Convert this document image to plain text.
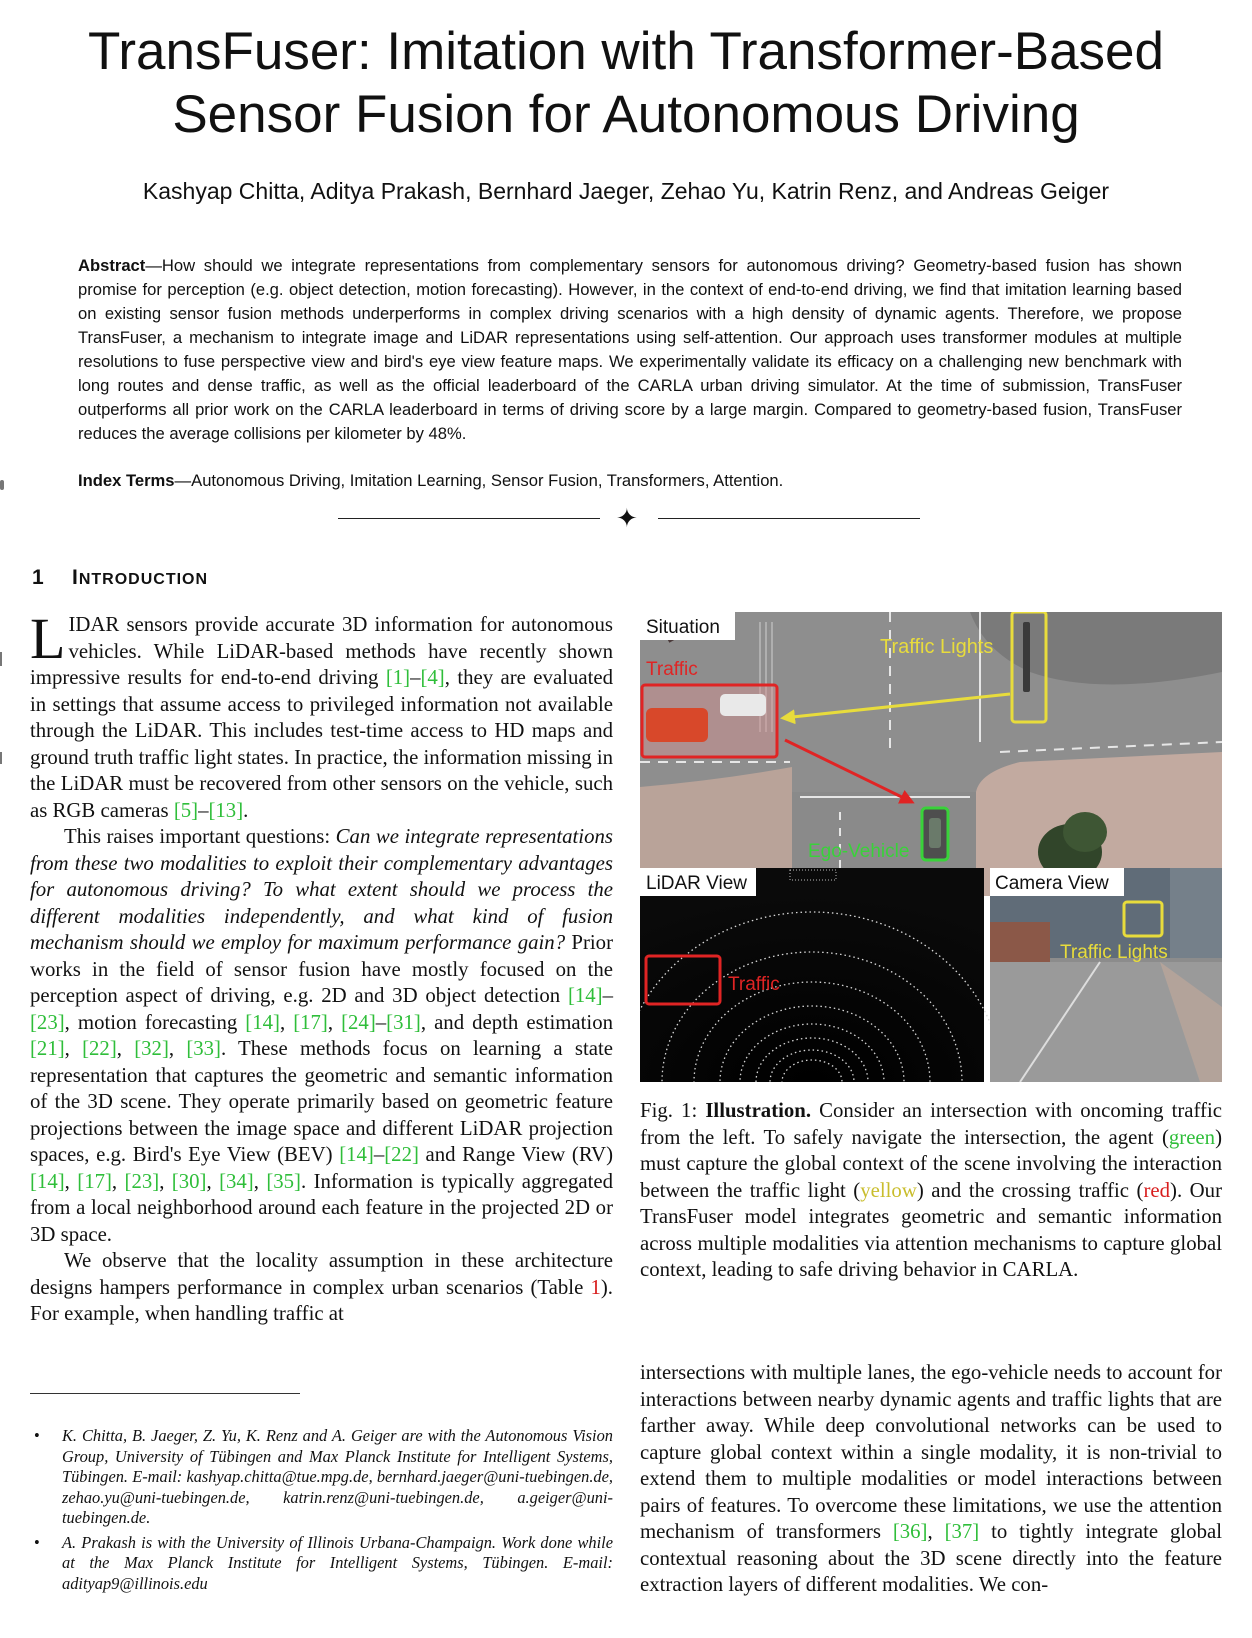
TransFuser: Imitation with Transformer-Based
Sensor Fusion for Autonomous Driving
Kashyap Chitta, Aditya Prakash, Bernhard Jaeger, Zehao Yu, Katrin Renz, and Andreas Geiger
Abstract—How should we integrate representations from complementary sensors for autonomous driving? Geometry-based fusion has shown promise for perception (e.g. object detection, motion forecasting). However, in the context of end-to-end driving, we find that imitation learning based on existing sensor fusion methods underperforms in complex driving scenarios with a high density of dynamic agents. Therefore, we propose TransFuser, a mechanism to integrate image and LiDAR representations using self-attention. Our approach uses transformer modules at multiple resolutions to fuse perspective view and bird's eye view feature maps. We experimentally validate its efficacy on a challenging new benchmark with long routes and dense traffic, as well as the official leaderboard of the CARLA urban driving simulator. At the time of submission, TransFuser outperforms all prior work on the CARLA leaderboard in terms of driving score by a large margin. Compared to geometry-based fusion, TransFuser reduces the average collisions per kilometer by 48%.
Index Terms—Autonomous Driving, Imitation Learning, Sensor Fusion, Transformers, Attention.
✦
1 INTRODUCTION

LIDAR sensors provide accurate 3D information for autonomous vehicles. While LiDAR-based methods have recently shown impressive results for end-to-end driving [1]–[4], they are evaluated in settings that assume access to privileged information not available through the LiDAR. This includes test-time access to HD maps and ground truth traffic light states. In practice, the information missing in the LiDAR must be recovered from other sensors on the vehicle, such as RGB cameras [5]–[13].

This raises important questions: Can we integrate representations from these two modalities to exploit their complementary advantages for autonomous driving? To what extent should we process the different modalities independently, and what kind of fusion mechanism should we employ for maximum performance gain? Prior works in the field of sensor fusion have mostly focused on the perception aspect of driving, e.g. 2D and 3D object detection [14]–[23], motion forecasting [14], [17], [24]–[31], and depth estimation [21], [22], [32], [33]. These methods focus on learning a state representation that captures the geometric and semantic information of the 3D scene. They operate primarily based on geometric feature projections between the image space and different LiDAR projection spaces, e.g. Bird's Eye View (BEV) [14]–[22] and Range View (RV) [14], [17], [23], [30], [34], [35]. Information is typically aggregated from a local neighborhood around each feature in the projected 2D or 3D space.

We observe that the locality assumption in these architecture designs hampers performance in complex urban scenarios (Table 1). For example, when handling traffic at

• K. Chitta, B. Jaeger, Z. Yu, K. Renz and A. Geiger are with the Autonomous Vision Group, University of Tübingen and Max Planck Institute for Intelligent Systems, Tübingen. E-mail: kashyap.chitta@tue.mpg.de, bernhard.jaeger@uni-tuebingen.de, zehao.yu@uni-tuebingen.de, katrin.renz@uni-tuebingen.de, a.geiger@uni-tuebingen.de.
• A. Prakash is with the University of Illinois Urbana-Champaign. Work done while at the Max Planck Institute for Intelligent Systems, Tübingen. E-mail: adityap9@illinois.edu
Traffic Lights
Traffic
Ego-Vehicle
Situation
Traffic
LiDAR View
Traffic Lights
Camera View
Fig. 1: Illustration. Consider an intersection with oncoming traffic from the left. To safely navigate the intersection, the agent (green) must capture the global context of the scene involving the interaction between the traffic light (yellow) and the crossing traffic (red). Our TransFuser model integrates geometric and semantic information across multiple modalities via attention mechanisms to capture global context, leading to safe driving behavior in CARLA.
intersections with multiple lanes, the ego-vehicle needs to account for interactions between nearby dynamic agents and traffic lights that are farther away. While deep convolutional networks can be used to capture global context within a single modality, it is non-trivial to extend them to multiple modalities or model interactions between pairs of features. To overcome these limitations, we use the attention mechanism of transformers [36], [37] to tightly integrate global contextual reasoning about the 3D scene directly into the feature extraction layers of different modalities. We con-
